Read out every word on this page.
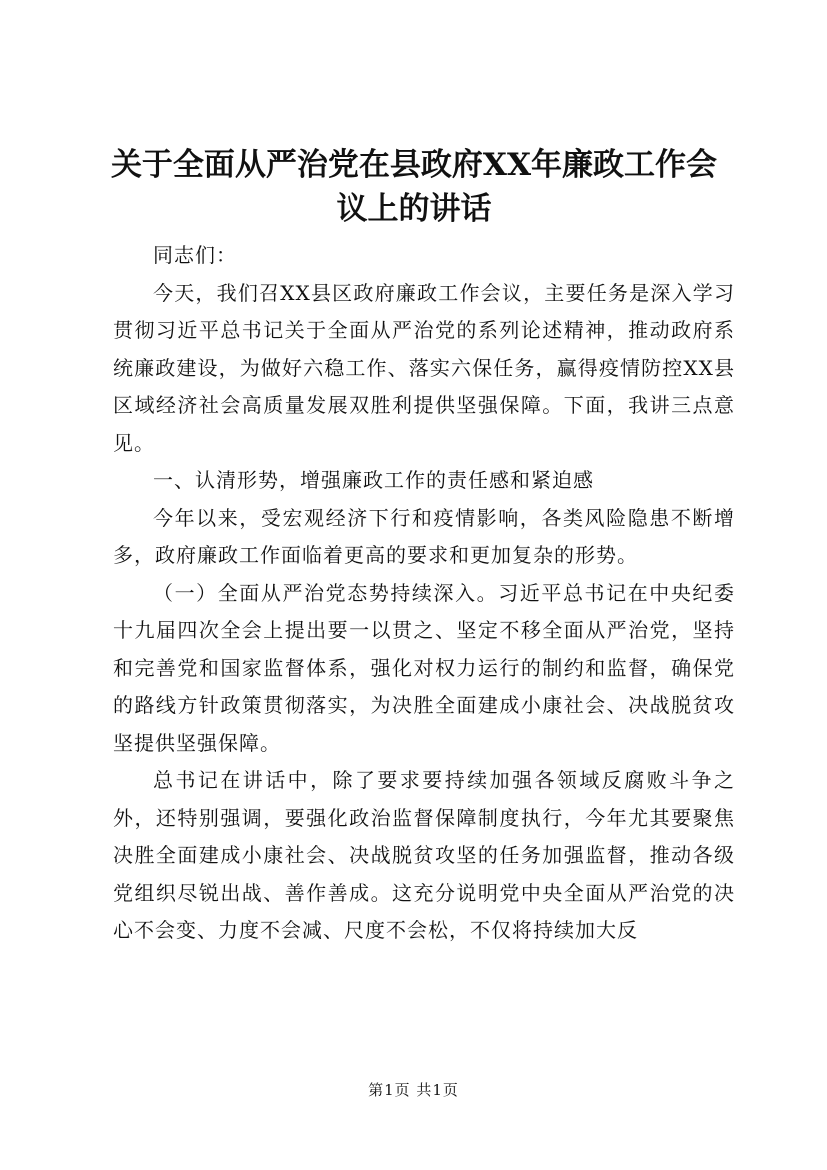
关于全面从严治党在县政府XX年廉政工作会议上的讲话

同志们：

今天，我们召XX县区政府廉政工作会议，主要任务是深入学习贯彻习近平总书记关于全面从严治党的系列论述精神，推动政府系统廉政建设，为做好六稳工作、落实六保任务，赢得疫情防控XX县区域经济社会高质量发展双胜利提供坚强保障。下面，我讲三点意见。

一、认清形势，增强廉政工作的责任感和紧迫感

今年以来，受宏观经济下行和疫情影响，各类风险隐患不断增多，政府廉政工作面临着更高的要求和更加复杂的形势。

（一）全面从严治党态势持续深入。习近平总书记在中央纪委十九届四次全会上提出要一以贯之、坚定不移全面从严治党，坚持和完善党和国家监督体系，强化对权力运行的制约和监督，确保党的路线方针政策贯彻落实，为决胜全面建成小康社会、决战脱贫攻坚提供坚强保障。

总书记在讲话中，除了要求要持续加强各领域反腐败斗争之外，还特别强调，要强化政治监督保障制度执行，今年尤其要聚焦决胜全面建成小康社会、决战脱贫攻坚的任务加强监督，推动各级党组织尽锐出战、善作善成。这充分说明党中央全面从严治党的决心不会变、力度不会减、尺度不会松，不仅将持续加大反

第1页 共1页
